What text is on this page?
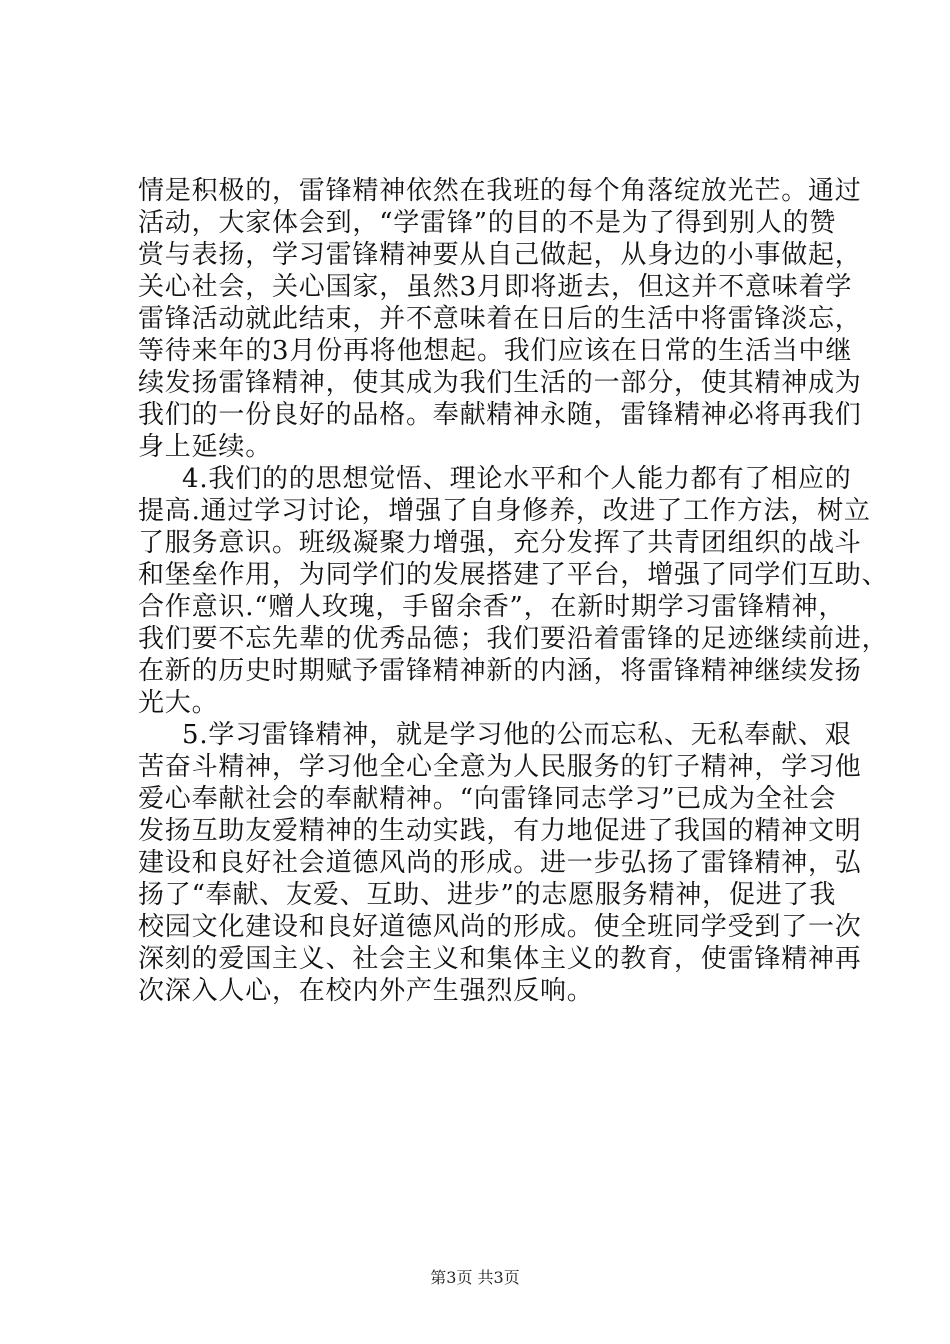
情是积极的，雷锋精神依然在我班的每个角落绽放光芒。通过
活动，大家体会到，“学雷锋”的目的不是为了得到别人的赞
赏与表扬，学习雷锋精神要从自己做起，从身边的小事做起，
关心社会，关心国家，虽然3月即将逝去，但这并不意味着学
雷锋活动就此结束，并不意味着在日后的生活中将雷锋淡忘，
等待来年的3月份再将他想起。我们应该在日常的生活当中继
续发扬雷锋精神，使其成为我们生活的一部分，使其精神成为
我们的一份良好的品格。奉献精神永随，雷锋精神必将再我们
身上延续。
4.我们的的思想觉悟、理论水平和个人能力都有了相应的
提高.通过学习讨论，增强了自身修养，改进了工作方法，树立
了服务意识。班级凝聚力增强，充分发挥了共青团组织的战斗
和堡垒作用，为同学们的发展搭建了平台，增强了同学们互助、
合作意识.“赠人玫瑰，手留余香”，在新时期学习雷锋精神，
我们要不忘先辈的优秀品德；我们要沿着雷锋的足迹继续前进，
在新的历史时期赋予雷锋精神新的内涵，将雷锋精神继续发扬
光大。
5.学习雷锋精神，就是学习他的公而忘私、无私奉献、艰
苦奋斗精神，学习他全心全意为人民服务的钉子精神，学习他
爱心奉献社会的奉献精神。“向雷锋同志学习”已成为全社会
发扬互助友爱精神的生动实践，有力地促进了我国的精神文明
建设和良好社会道德风尚的形成。进一步弘扬了雷锋精神，弘
扬了“奉献、友爱、互助、进步”的志愿服务精神，促进了我
校园文化建设和良好道德风尚的形成。使全班同学受到了一次
深刻的爱国主义、社会主义和集体主义的教育，使雷锋精神再
次深入人心，在校内外产生强烈反响。
第3页 共3页
